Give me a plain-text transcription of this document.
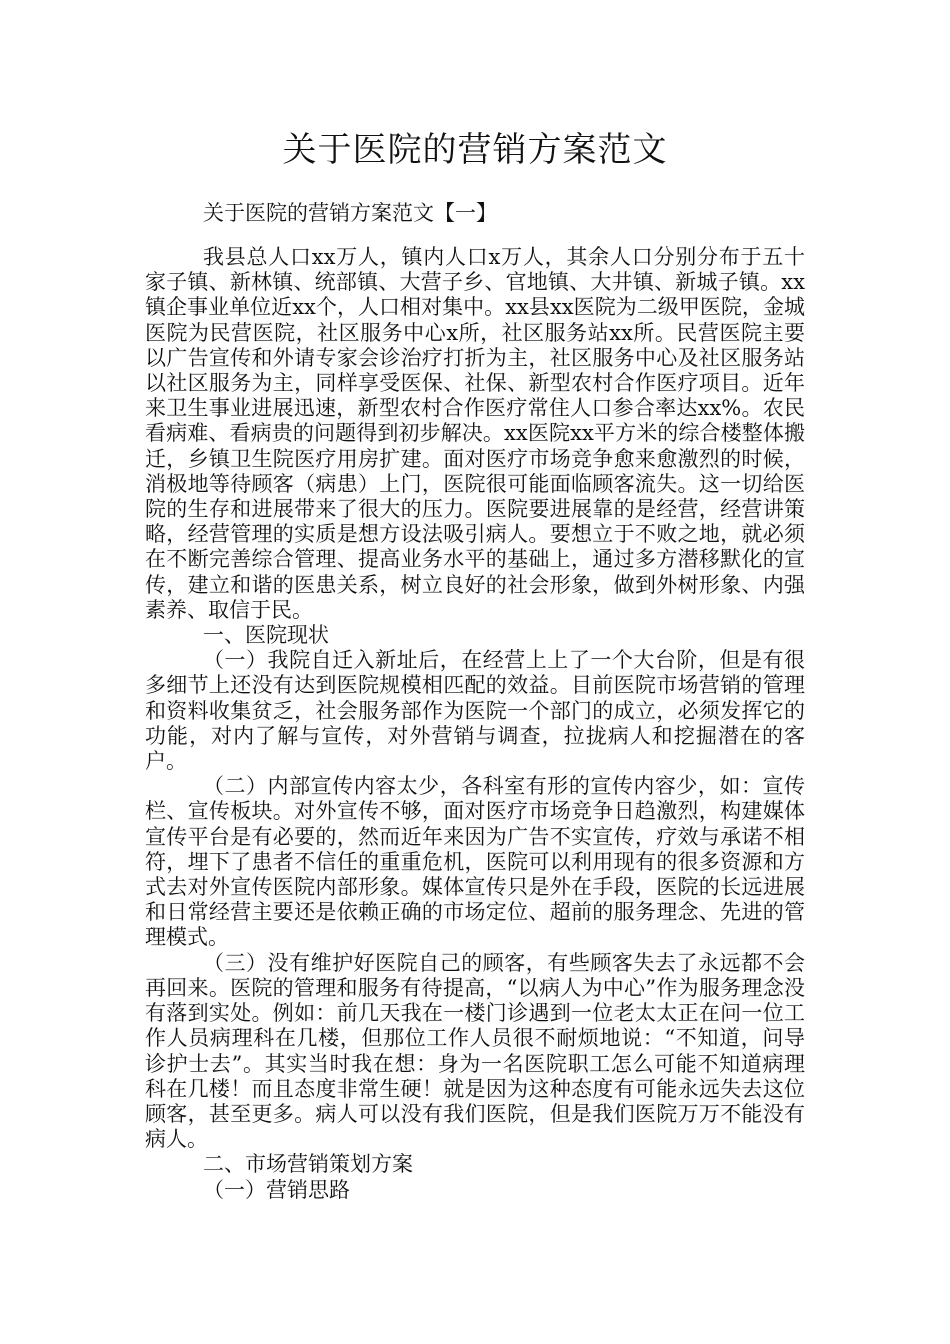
关于医院的营销方案范文

关于医院的营销方案范文【一】

我县总人口xx万人，镇内人口x万人，其余人口分别分布于五十家子镇、新林镇、统部镇、大营子乡、官地镇、大井镇、新城子镇。xx镇企事业单位近xx个，人口相对集中。xx县xx医院为二级甲医院，金城医院为民营医院，社区服务中心x所，社区服务站xx所。民营医院主要以广告宣传和外请专家会诊治疗打折为主，社区服务中心及社区服务站以社区服务为主，同样享受医保、社保、新型农村合作医疗项目。近年来卫生事业进展迅速，新型农村合作医疗常住人口参合率达xx%。农民看病难、看病贵的问题得到初步解决。xx医院xx平方米的综合楼整体搬迁，乡镇卫生院医疗用房扩建。面对医疗市场竞争愈来愈激烈的时候，消极地等待顾客（病患）上门，医院很可能面临顾客流失。这一切给医院的生存和进展带来了很大的压力。医院要进展靠的是经营，经营讲策略，经营管理的实质是想方设法吸引病人。要想立于不败之地，就必须在不断完善综合管理、提高业务水平的基础上，通过多方潜移默化的宣传，建立和谐的医患关系，树立良好的社会形象，做到外树形象、内强素养、取信于民。

一、医院现状

（一）我院自迁入新址后，在经营上上了一个大台阶，但是有很多细节上还没有达到医院规模相匹配的效益。目前医院市场营销的管理和资料收集贫乏，社会服务部作为医院一个部门的成立，必须发挥它的功能，对内了解与宣传，对外营销与调查，拉拢病人和挖掘潜在的客户。

（二）内部宣传内容太少，各科室有形的宣传内容少，如：宣传栏、宣传板块。对外宣传不够，面对医疗市场竞争日趋激烈，构建媒体宣传平台是有必要的，然而近年来因为广告不实宣传，疗效与承诺不相符，埋下了患者不信任的重重危机，医院可以利用现有的很多资源和方式去对外宣传医院内部形象。媒体宣传只是外在手段，医院的长远进展和日常经营主要还是依赖正确的市场定位、超前的服务理念、先进的管理模式。

（三）没有维护好医院自己的顾客，有些顾客失去了永远都不会再回来。医院的管理和服务有待提高，“以病人为中心”作为服务理念没有落到实处。例如：前几天我在一楼门诊遇到一位老太太正在问一位工作人员病理科在几楼，但那位工作人员很不耐烦地说：“不知道，问导诊护士去”。其实当时我在想：身为一名医院职工怎么可能不知道病理科在几楼！而且态度非常生硬！就是因为这种态度有可能永远失去这位顾客，甚至更多。病人可以没有我们医院，但是我们医院万万不能没有病人。

二、市场营销策划方案

（一）营销思路
